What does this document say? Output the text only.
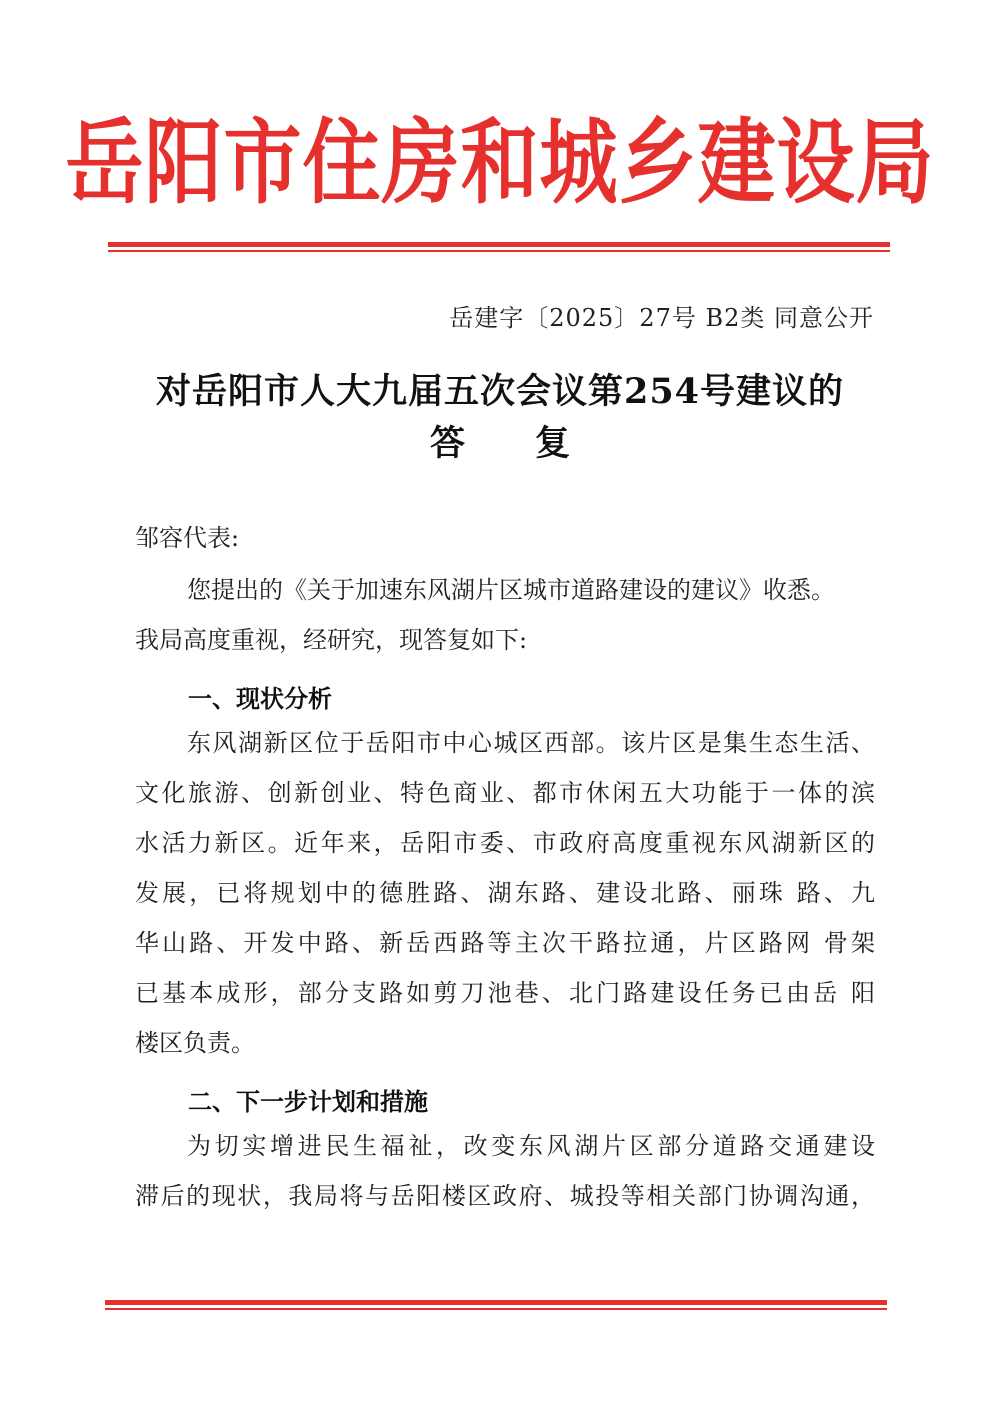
岳阳市住房和城乡建设局
岳建字〔2025〕27号 B2类 同意公开
对岳阳市人大九届五次会议第254号建议的
答 复
邹容代表:
您提出的《关于加速东风湖片区城市道路建设的建议》收悉。
我局高度重视，经研究，现答复如下:
一、现状分析
东风湖新区位于岳阳市中心城区西部。该片区是集生态生活、
文化旅游、创新创业、特色商业、都市休闲五大功能于一体的滨
水活力新区。近年来，岳阳市委、市政府高度重视东风湖新区的
发展，已将规划中的德胜路、湖东路、建设北路、丽珠 路、九
华山路、开发中路、新岳西路等主次干路拉通，片区路网 骨架
已基本成形，部分支路如剪刀池巷、北门路建设任务已由岳 阳
楼区负责。
二、下一步计划和措施
为切实增进民生福祉，改变东风湖片区部分道路交通建设
滞后的现状，我局将与岳阳楼区政府、城投等相关部门协调沟通，
